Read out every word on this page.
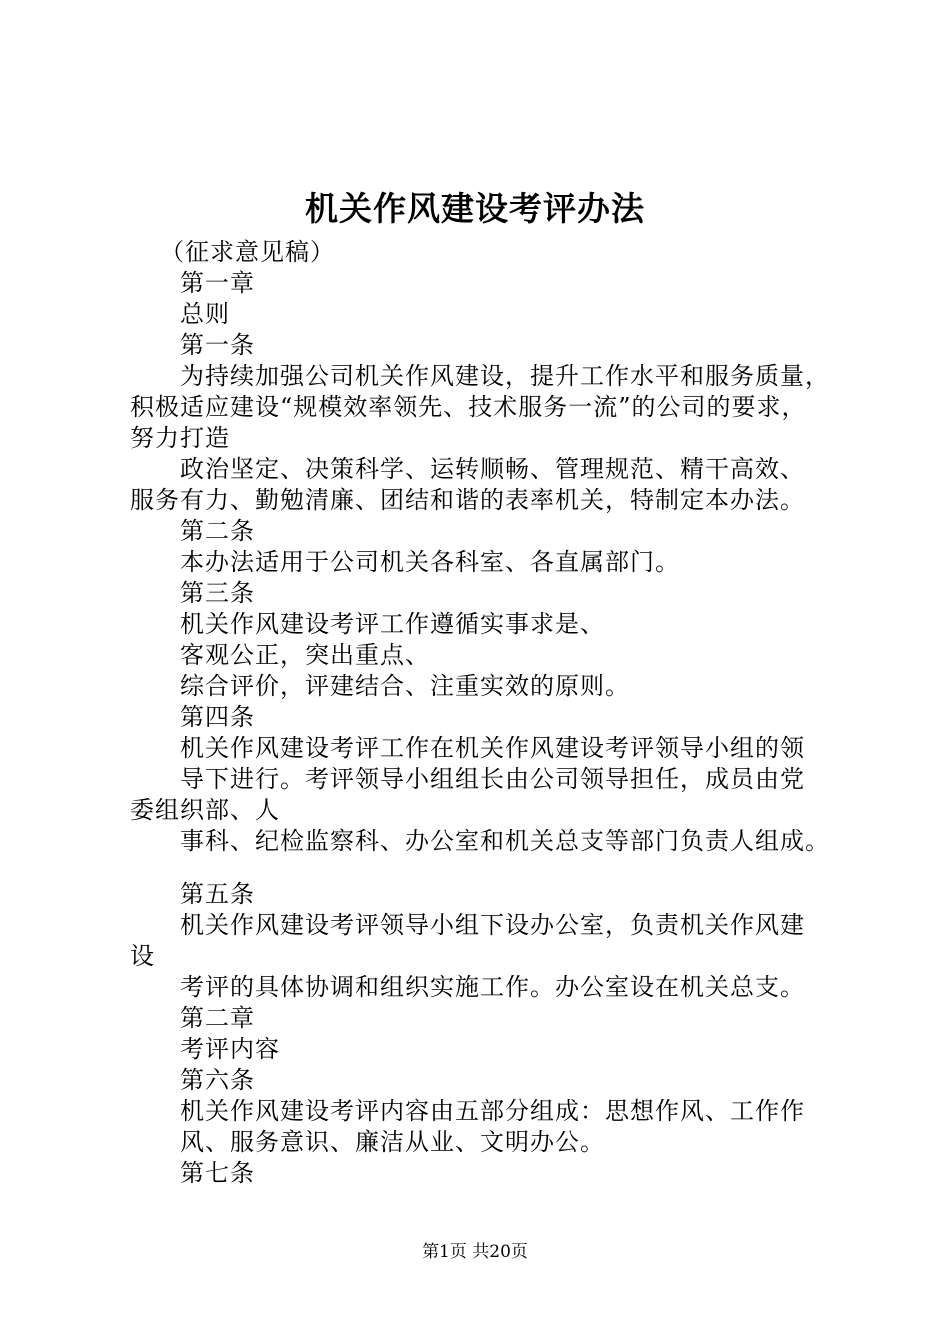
机关作风建设考评办法
（征求意见稿）
第一章
总则
第一条
为持续加强公司机关作风建设，提升工作水平和服务质量，
积极适应建设“规模效率领先、技术服务一流”的公司的要求，
努力打造
政治坚定、决策科学、运转顺畅、管理规范、精干高效、
服务有力、勤勉清廉、团结和谐的表率机关，特制定本办法。
第二条
本办法适用于公司机关各科室、各直属部门。
第三条
机关作风建设考评工作遵循实事求是、
客观公正，突出重点、
综合评价，评建结合、注重实效的原则。
第四条
机关作风建设考评工作在机关作风建设考评领导小组的领
导下进行。考评领导小组组长由公司领导担任，成员由党
委组织部、人
事科、纪检监察科、办公室和机关总支等部门负责人组成。
第五条
机关作风建设考评领导小组下设办公室，负责机关作风建
设
考评的具体协调和组织实施工作。办公室设在机关总支。
第二章
考评内容
第六条
机关作风建设考评内容由五部分组成：思想作风、工作作
风、服务意识、廉洁从业、文明办公。
第七条
第1页 共20页
